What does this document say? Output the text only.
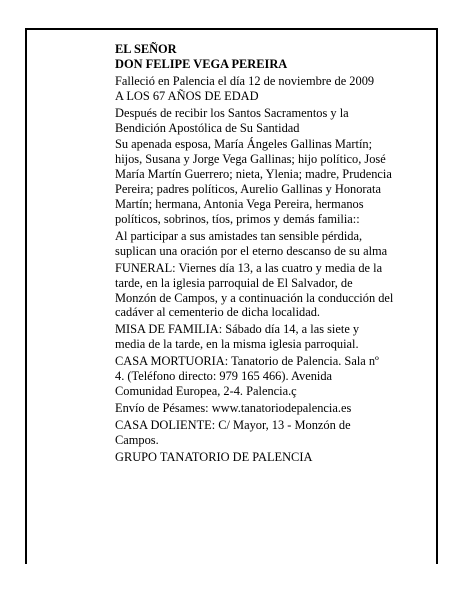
EL SEÑOR
DON FELIPE VEGA PEREIRA
Falleció en Palencia el día 12 de noviembre de 2009
A LOS 67 AÑOS DE EDAD
Después de recibir los Santos Sacramentos y la
Bendición Apostólica de Su Santidad
Su apenada esposa, María Ángeles Gallinas Martín;
hijos, Susana y Jorge Vega Gallinas; hijo político, José
María Martín Guerrero; nieta, Ylenia; madre, Prudencia
Pereira; padres políticos, Aurelio Gallinas y Honorata
Martín; hermana, Antonia Vega Pereira, hermanos
políticos, sobrinos, tíos, primos y demás familia::
Al participar a sus amistades tan sensible pérdida,
suplican una oración por el eterno descanso de su alma
FUNERAL: Viernes día 13, a las cuatro y media de la
tarde, en la iglesia parroquial de El Salvador, de
Monzón de Campos, y a continuación la conducción del
cadáver al cementerio de dicha localidad.
MISA DE FAMILIA: Sábado día 14, a las siete y
media de la tarde, en la misma iglesia parroquial.
CASA MORTUORIA: Tanatorio de Palencia. Sala nº
4. (Teléfono directo: 979 165 466). Avenida
Comunidad Europea, 2-4. Palencia.ç
Envío de Pésames: www.tanatoriodepalencia.es
CASA DOLIENTE: C/ Mayor, 13 - Monzón de
Campos.
GRUPO TANATORIO DE PALENCIA
